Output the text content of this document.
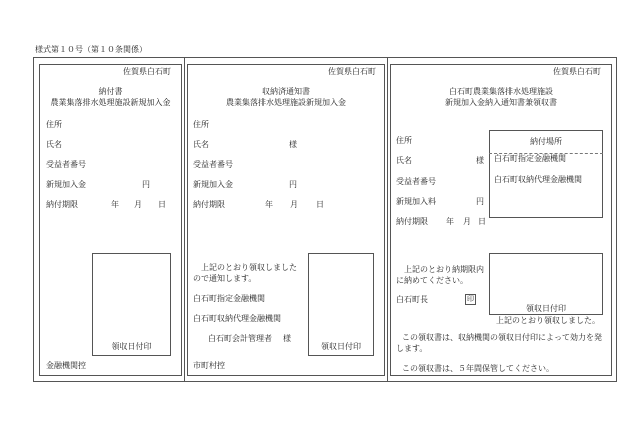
様式第１０号（第１０条関係）
佐賀県白石町
納付書
農業集落排水処理施設新規加入金
住所
氏名
受益者番号
新規加入金	円
納付期限	年 月 日
領収日付印
金融機関控
佐賀県白石町
収納済通知書
農業集落排水処理施設新規加入金
住所
氏名	様
受益者番号
新規加入金	円
納付期限	年 月 日
上記のとおり領収しました
ので通知します。
白石町指定金融機関
白石町収納代理金融機関
白石町会計管理者 様
領収日付印
市町村控
佐賀県白石町
白石町農業集落排水処理施設
新規加入金納入通知書兼領収書
住所
氏名	様
受益者番号
新規加入料	円
納付期限 年 月 日
納付場所
白石町指定金融機関
白石町収納代理金融機関
上記のとおり納期限内
に納めてください。
白石町長	印
領収日付印
上記のとおり領収しました。
この領収書は、収納機関の領収日付印によって効力を発
します。
この領収書は、５年間保管してください。
